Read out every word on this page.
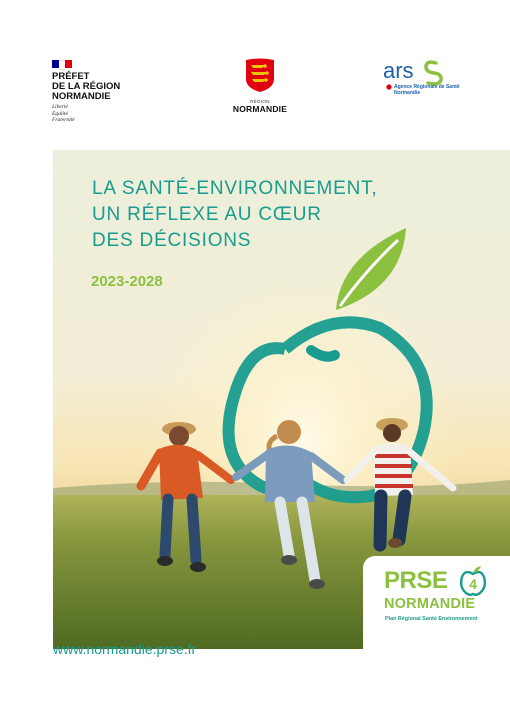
PRÉFET
DE LA RÉGION
NORMANDIE
Liberté
Égalité
Fraternité
RÉGION
NORMANDIE
ars
Agence Régionale de Santé
Normandie
LA SANTÉ-ENVIRONNEMENT,
UN RÉFLEXE AU CŒUR
DES DÉCISIONS
2023-2028
PRSE 4
NORMANDIE
Plan Régional Santé Environnement
www.normandie.prse.fr
